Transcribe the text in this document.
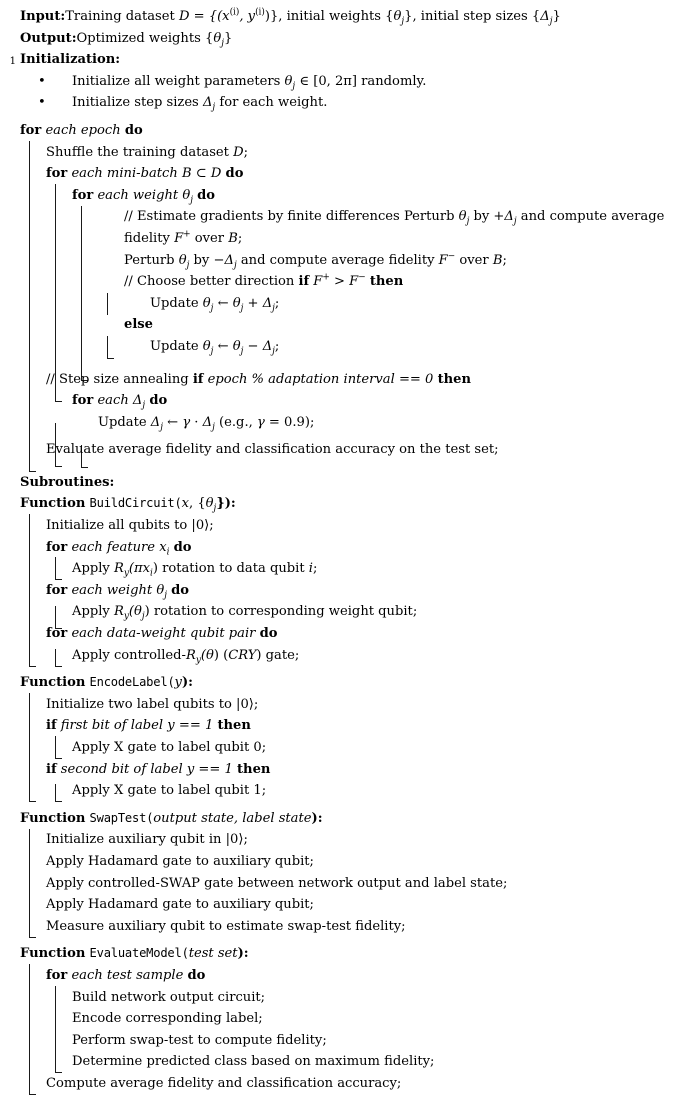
Input:Training dataset $D = \{(x^{(i)}$, $y^{(i)}$)}, initial weights $\{\theta_j\}$, initial step sizes $\{\Delta_j\}$
Output:Optimized weights $\{\theta_j\}$
1 Initialization:
• Initialize all weight parameters $\theta_j$ ∈ [0, 2π] randomly.
• Initialize step sizes $\Delta_j$ for each weight.
for each epoch do
Shuffle the training dataset D;
for each mini-batch B ⊂ D do
for each weight $\theta_j$ do
// Estimate gradients by finite differences Perturb $\theta_j$ by $+\Delta_j$ and compute average fidelity F+ over B;
Perturb $\theta_j$ by $-\Delta_j$ and compute average fidelity F− over B;
// Choose better direction if F+ > F− then
Update $\theta_j$ ← $\theta_j + \Delta_j$;
else
Update $\theta_j$ ← $\theta_j - \Delta_j$;
// Step size annealing if epoch % adaptation interval == 0 then
for each $\Delta_j$ do
Update $\Delta_j$ ← $\gamma \cdot \Delta_j$ (e.g., γ = 0.9);
Evaluate average fidelity and classification accuracy on the test set;
Subroutines:
Function BuildCircuit(x, $\{\theta_j\}$):
Initialize all qubits to |0⟩;
for each feature $x_i$ do
Apply $R_y(\pi x_i)$ rotation to data qubit i;
for each weight $\theta_j$ do
Apply $R_y(\theta_j)$ rotation to corresponding weight qubit;
for each data-weight qubit pair do
Apply controlled-$R_y(\theta)$ (CRY) gate;
Function EncodeLabel(y):
Initialize two label qubits to |0⟩;
if first bit of label y == 1 then
Apply X gate to label qubit 0;
if second bit of label y == 1 then
Apply X gate to label qubit 1;
Function SwapTest(output state, label state):
Initialize auxiliary qubit in |0⟩;
Apply Hadamard gate to auxiliary qubit;
Apply controlled-SWAP gate between network output and label state;
Apply Hadamard gate to auxiliary qubit;
Measure auxiliary qubit to estimate swap-test fidelity;
Function EvaluateModel(test set):
for each test sample do
Build network output circuit;
Encode corresponding label;
Perform swap-test to compute fidelity;
Determine predicted class based on maximum fidelity;
Compute average fidelity and classification accuracy;
